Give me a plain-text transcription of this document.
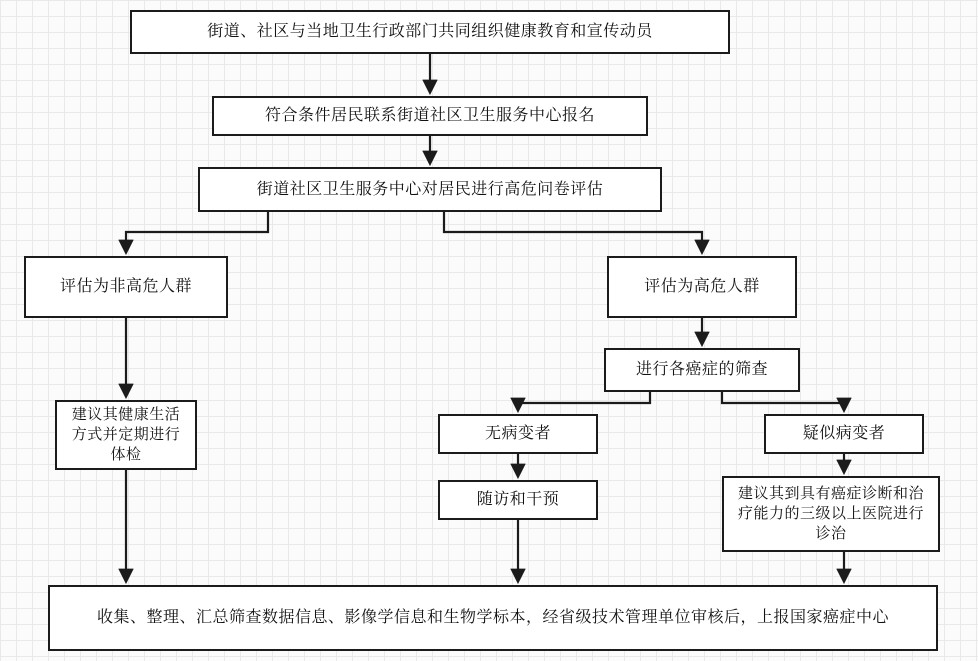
街道、社区与当地卫生行政部门共同组织健康教育和宣传动员
符合条件居民联系街道社区卫生服务中心报名
街道社区卫生服务中心对居民进行高危问卷评估
评估为非高危人群	评估为高危人群
进行各癌症的筛查
建议其健康生活方式并定期进行体检
无病变者	疑似病变者
随访和干预	建议其到具有癌症诊断和治疗能力的三级以上医院进行诊治
收集、整理、汇总筛查数据信息、影像学信息和生物学标本，经省级技术管理单位审核后，上报国家癌症中心
